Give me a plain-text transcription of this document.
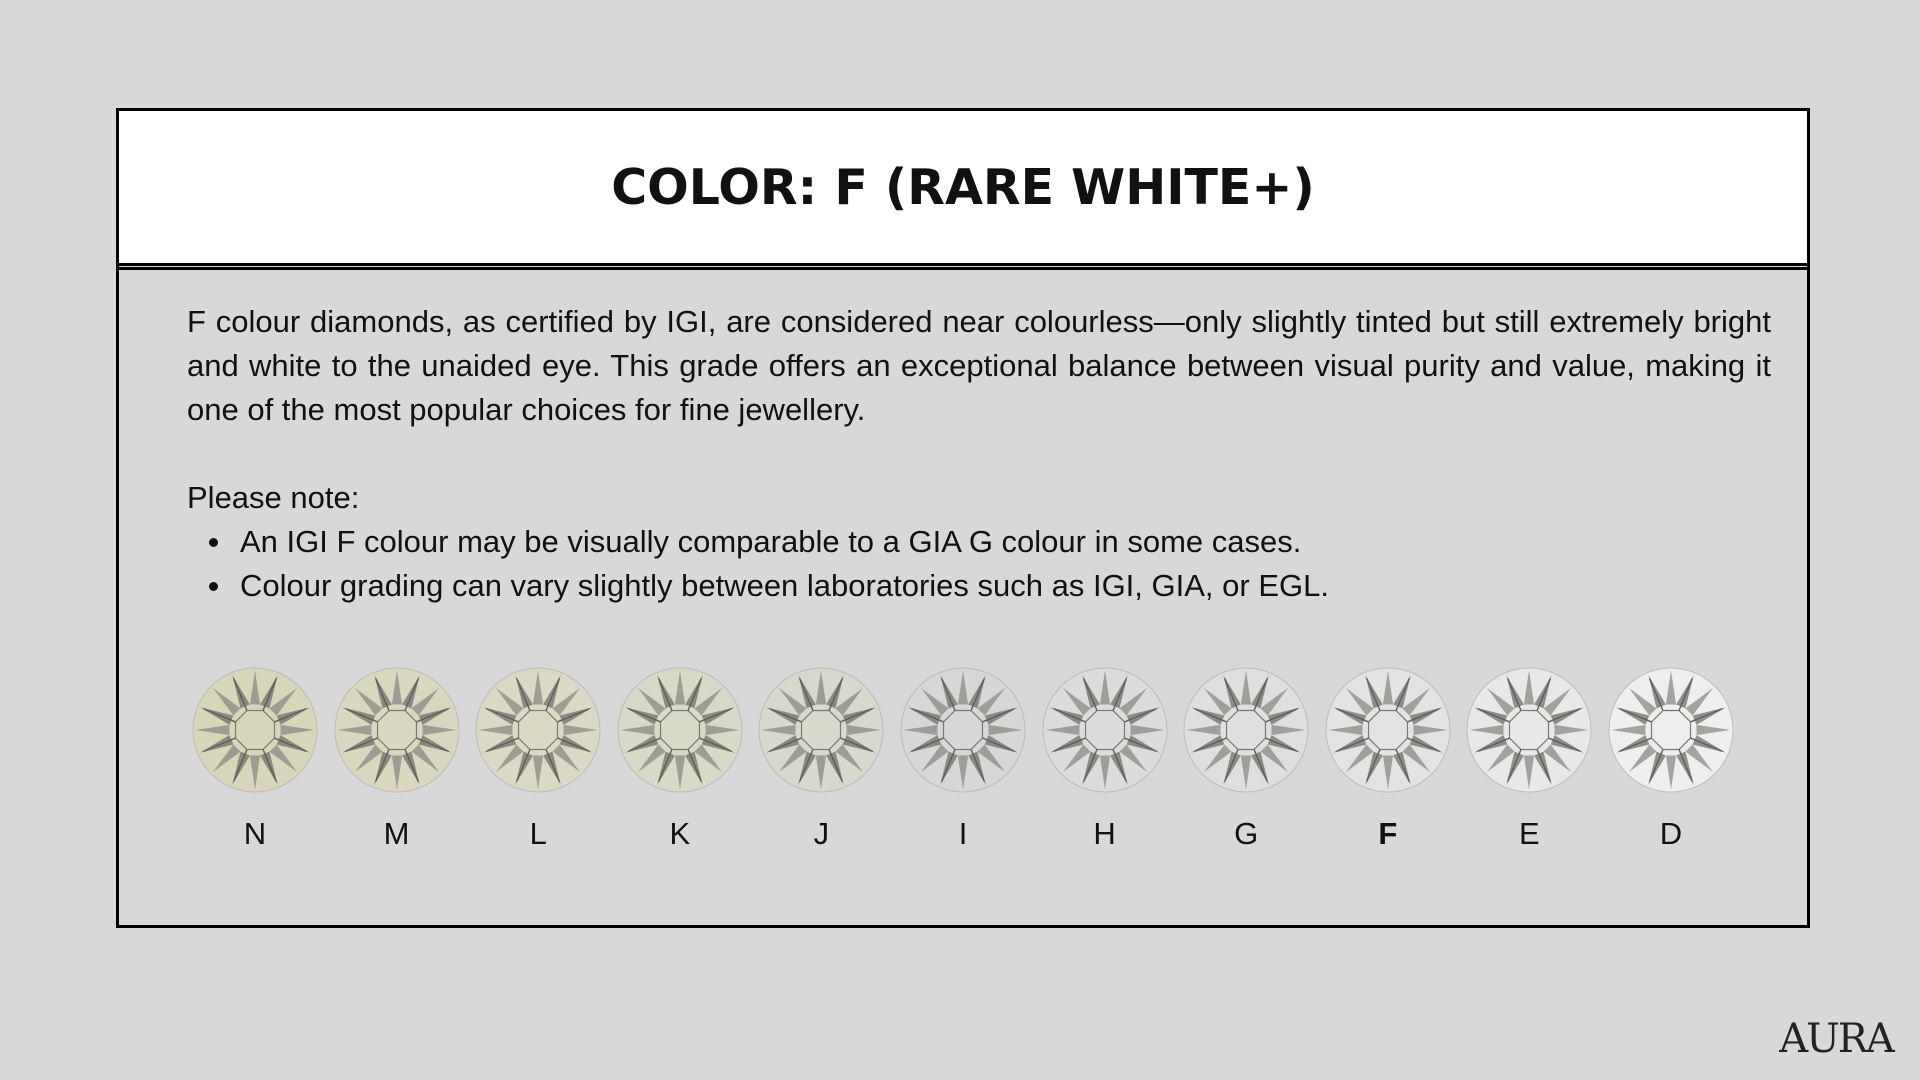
COLOR: F (RARE WHITE+)

F colour diamonds, as certified by IGI, are considered near colourless—only slightly tinted but still extremely bright and white to the unaided eye. This grade offers an exceptional balance between visual purity and value, making it one of the most popular choices for fine jewellery.

Please note:

An IGI F colour may be visually comparable to a GIA G colour in some cases.
Colour grading can vary slightly between laboratories such as IGI, GIA, or EGL.
N	M	L	K	J	I	H	G	F	E	D
AURA
